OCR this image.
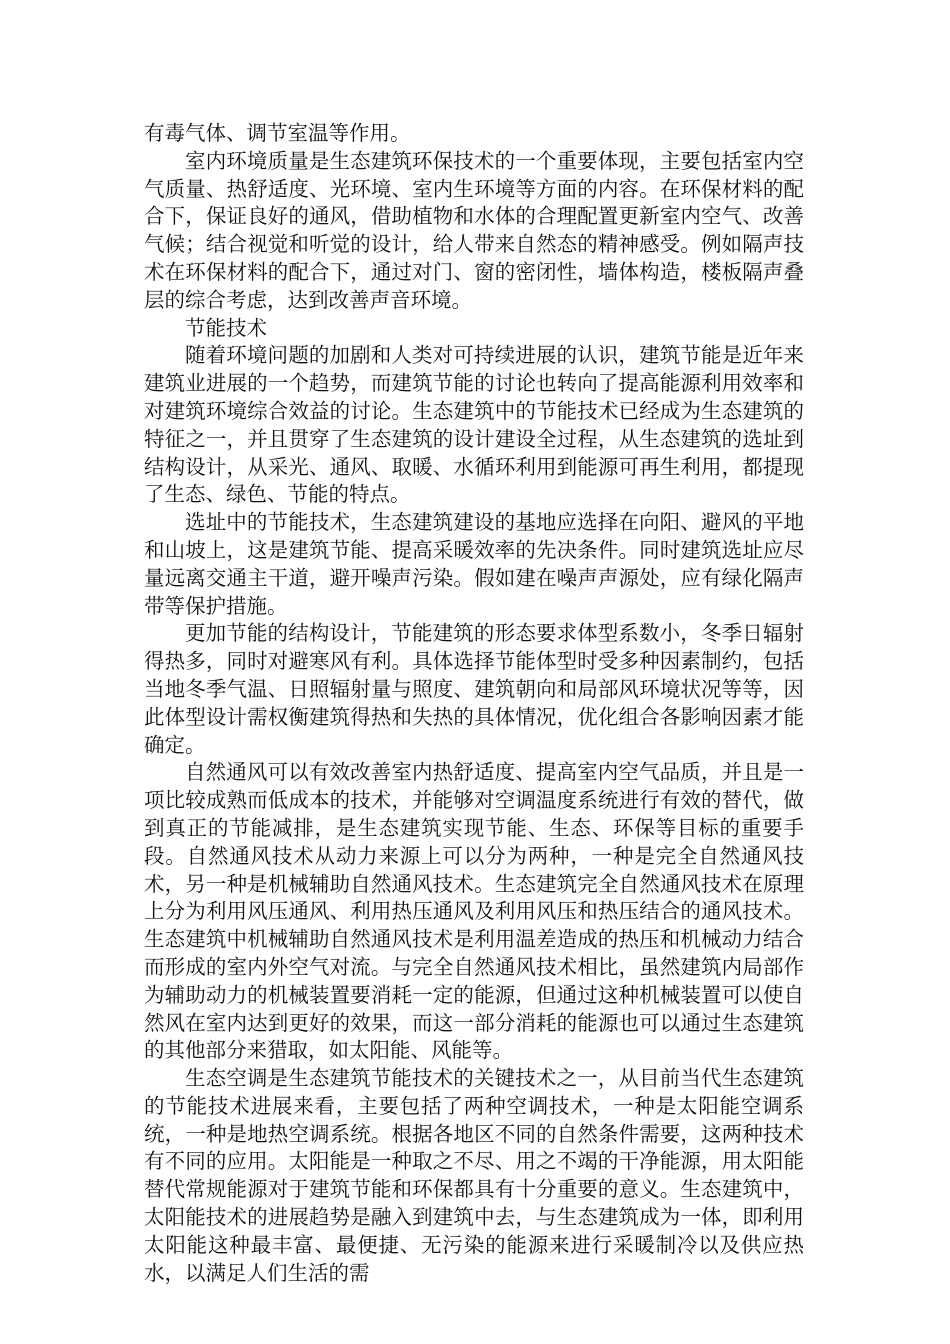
有毒气体、调节室温等作用。

室内环境质量是生态建筑环保技术的一个重要体现，主要包括室内空气质量、热舒适度、光环境、室内生环境等方面的内容。在环保材料的配合下，保证良好的通风，借助植物和水体的合理配置更新室内空气、改善气候；结合视觉和听觉的设计，给人带来自然态的精神感受。例如隔声技术在环保材料的配合下，通过对门、窗的密闭性，墙体构造，楼板隔声叠层的综合考虑，达到改善声音环境。

节能技术

随着环境问题的加剧和人类对可持续进展的认识，建筑节能是近年来建筑业进展的一个趋势，而建筑节能的讨论也转向了提高能源利用效率和对建筑环境综合效益的讨论。生态建筑中的节能技术已经成为生态建筑的特征之一，并且贯穿了生态建筑的设计建设全过程，从生态建筑的选址到结构设计，从采光、通风、取暖、水循环利用到能源可再生利用，都提现了生态、绿色、节能的特点。

选址中的节能技术，生态建筑建设的基地应选择在向阳、避风的平地和山坡上，这是建筑节能、提高采暖效率的先决条件。同时建筑选址应尽量远离交通主干道，避开噪声污染。假如建在噪声声源处，应有绿化隔声带等保护措施。

更加节能的结构设计，节能建筑的形态要求体型系数小，冬季日辐射得热多，同时对避寒风有利。具体选择节能体型时受多种因素制约，包括当地冬季气温、日照辐射量与照度、建筑朝向和局部风环境状况等等，因此体型设计需权衡建筑得热和失热的具体情况，优化组合各影响因素才能确定。

自然通风可以有效改善室内热舒适度、提高室内空气品质，并且是一项比较成熟而低成本的技术，并能够对空调温度系统进行有效的替代，做到真正的节能减排，是生态建筑实现节能、生态、环保等目标的重要手段。自然通风技术从动力来源上可以分为两种，一种是完全自然通风技术，另一种是机械辅助自然通风技术。生态建筑完全自然通风技术在原理上分为利用风压通风、利用热压通风及利用风压和热压结合的通风技术。生态建筑中机械辅助自然通风技术是利用温差造成的热压和机械动力结合而形成的室内外空气对流。与完全自然通风技术相比，虽然建筑内局部作为辅助动力的机械装置要消耗一定的能源，但通过这种机械装置可以使自然风在室内达到更好的效果，而这一部分消耗的能源也可以通过生态建筑的其他部分来猎取，如太阳能、风能等。

生态空调是生态建筑节能技术的关键技术之一，从目前当代生态建筑的节能技术进展来看，主要包括了两种空调技术，一种是太阳能空调系统，一种是地热空调系统。根据各地区不同的自然条件需要，这两种技术有不同的应用。太阳能是一种取之不尽、用之不竭的干净能源，用太阳能替代常规能源对于建筑节能和环保都具有十分重要的意义。生态建筑中，太阳能技术的进展趋势是融入到建筑中去，与生态建筑成为一体，即利用太阳能这种最丰富、最便捷、无污染的能源来进行采暖制冷以及供应热水，以满足人们生活的需
